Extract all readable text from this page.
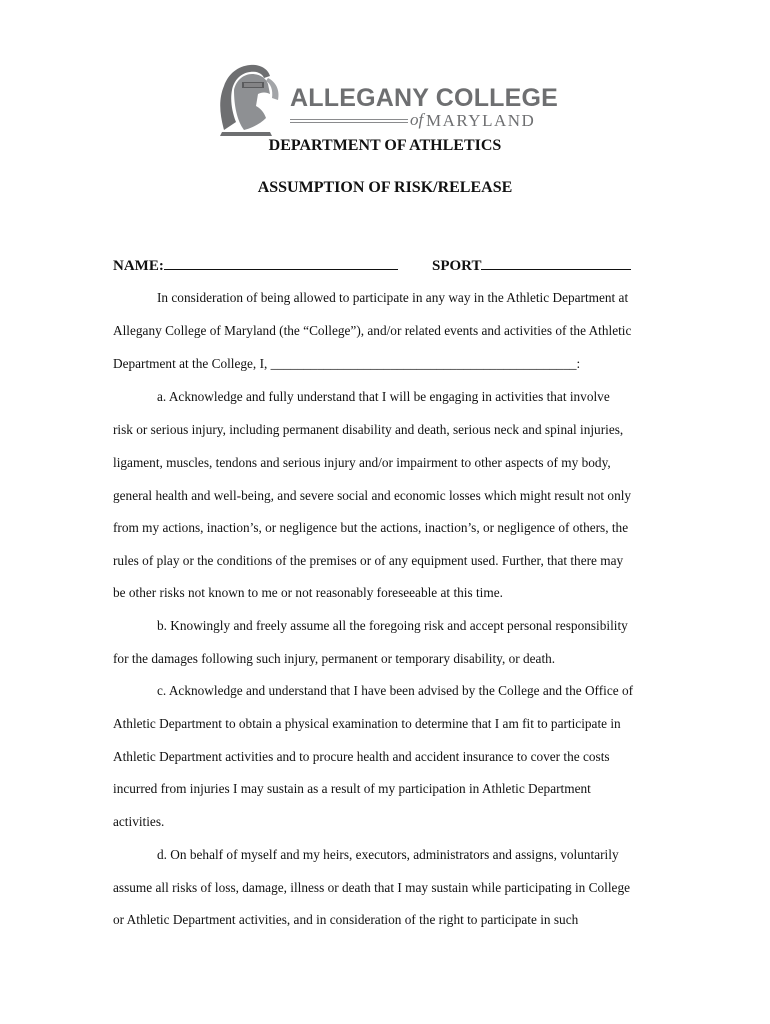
ALLEGANY COLLEGE
of MARYLAND
DEPARTMENT OF ATHLETICS
ASSUMPTION OF RISK/RELEASE
NAME:	SPORT
In consideration of being allowed to participate in any way in the Athletic Department at
Allegany College of Maryland (the “College”), and/or related events and activities of the Athletic
Department at the College, I, ______________________________________________:
a. Acknowledge and fully understand that I will be engaging in activities that involve
risk or serious injury, including permanent disability and death, serious neck and spinal injuries,
ligament, muscles, tendons and serious injury and/or impairment to other aspects of my body,
general health and well-being, and severe social and economic losses which might result not only
from my actions, inaction’s, or negligence but the actions, inaction’s, or negligence of others, the
rules of play or the conditions of the premises or of any equipment used. Further, that there may
be other risks not known to me or not reasonably foreseeable at this time.
b. Knowingly and freely assume all the foregoing risk and accept personal responsibility
for the damages following such injury, permanent or temporary disability, or death.
c. Acknowledge and understand that I have been advised by the College and the Office of
Athletic Department to obtain a physical examination to determine that I am fit to participate in
Athletic Department activities and to procure health and accident insurance to cover the costs
incurred from injuries I may sustain as a result of my participation in Athletic Department
activities.
d. On behalf of myself and my heirs, executors, administrators and assigns, voluntarily
assume all risks of loss, damage, illness or death that I may sustain while participating in College
or Athletic Department activities, and in consideration of the right to participate in such
